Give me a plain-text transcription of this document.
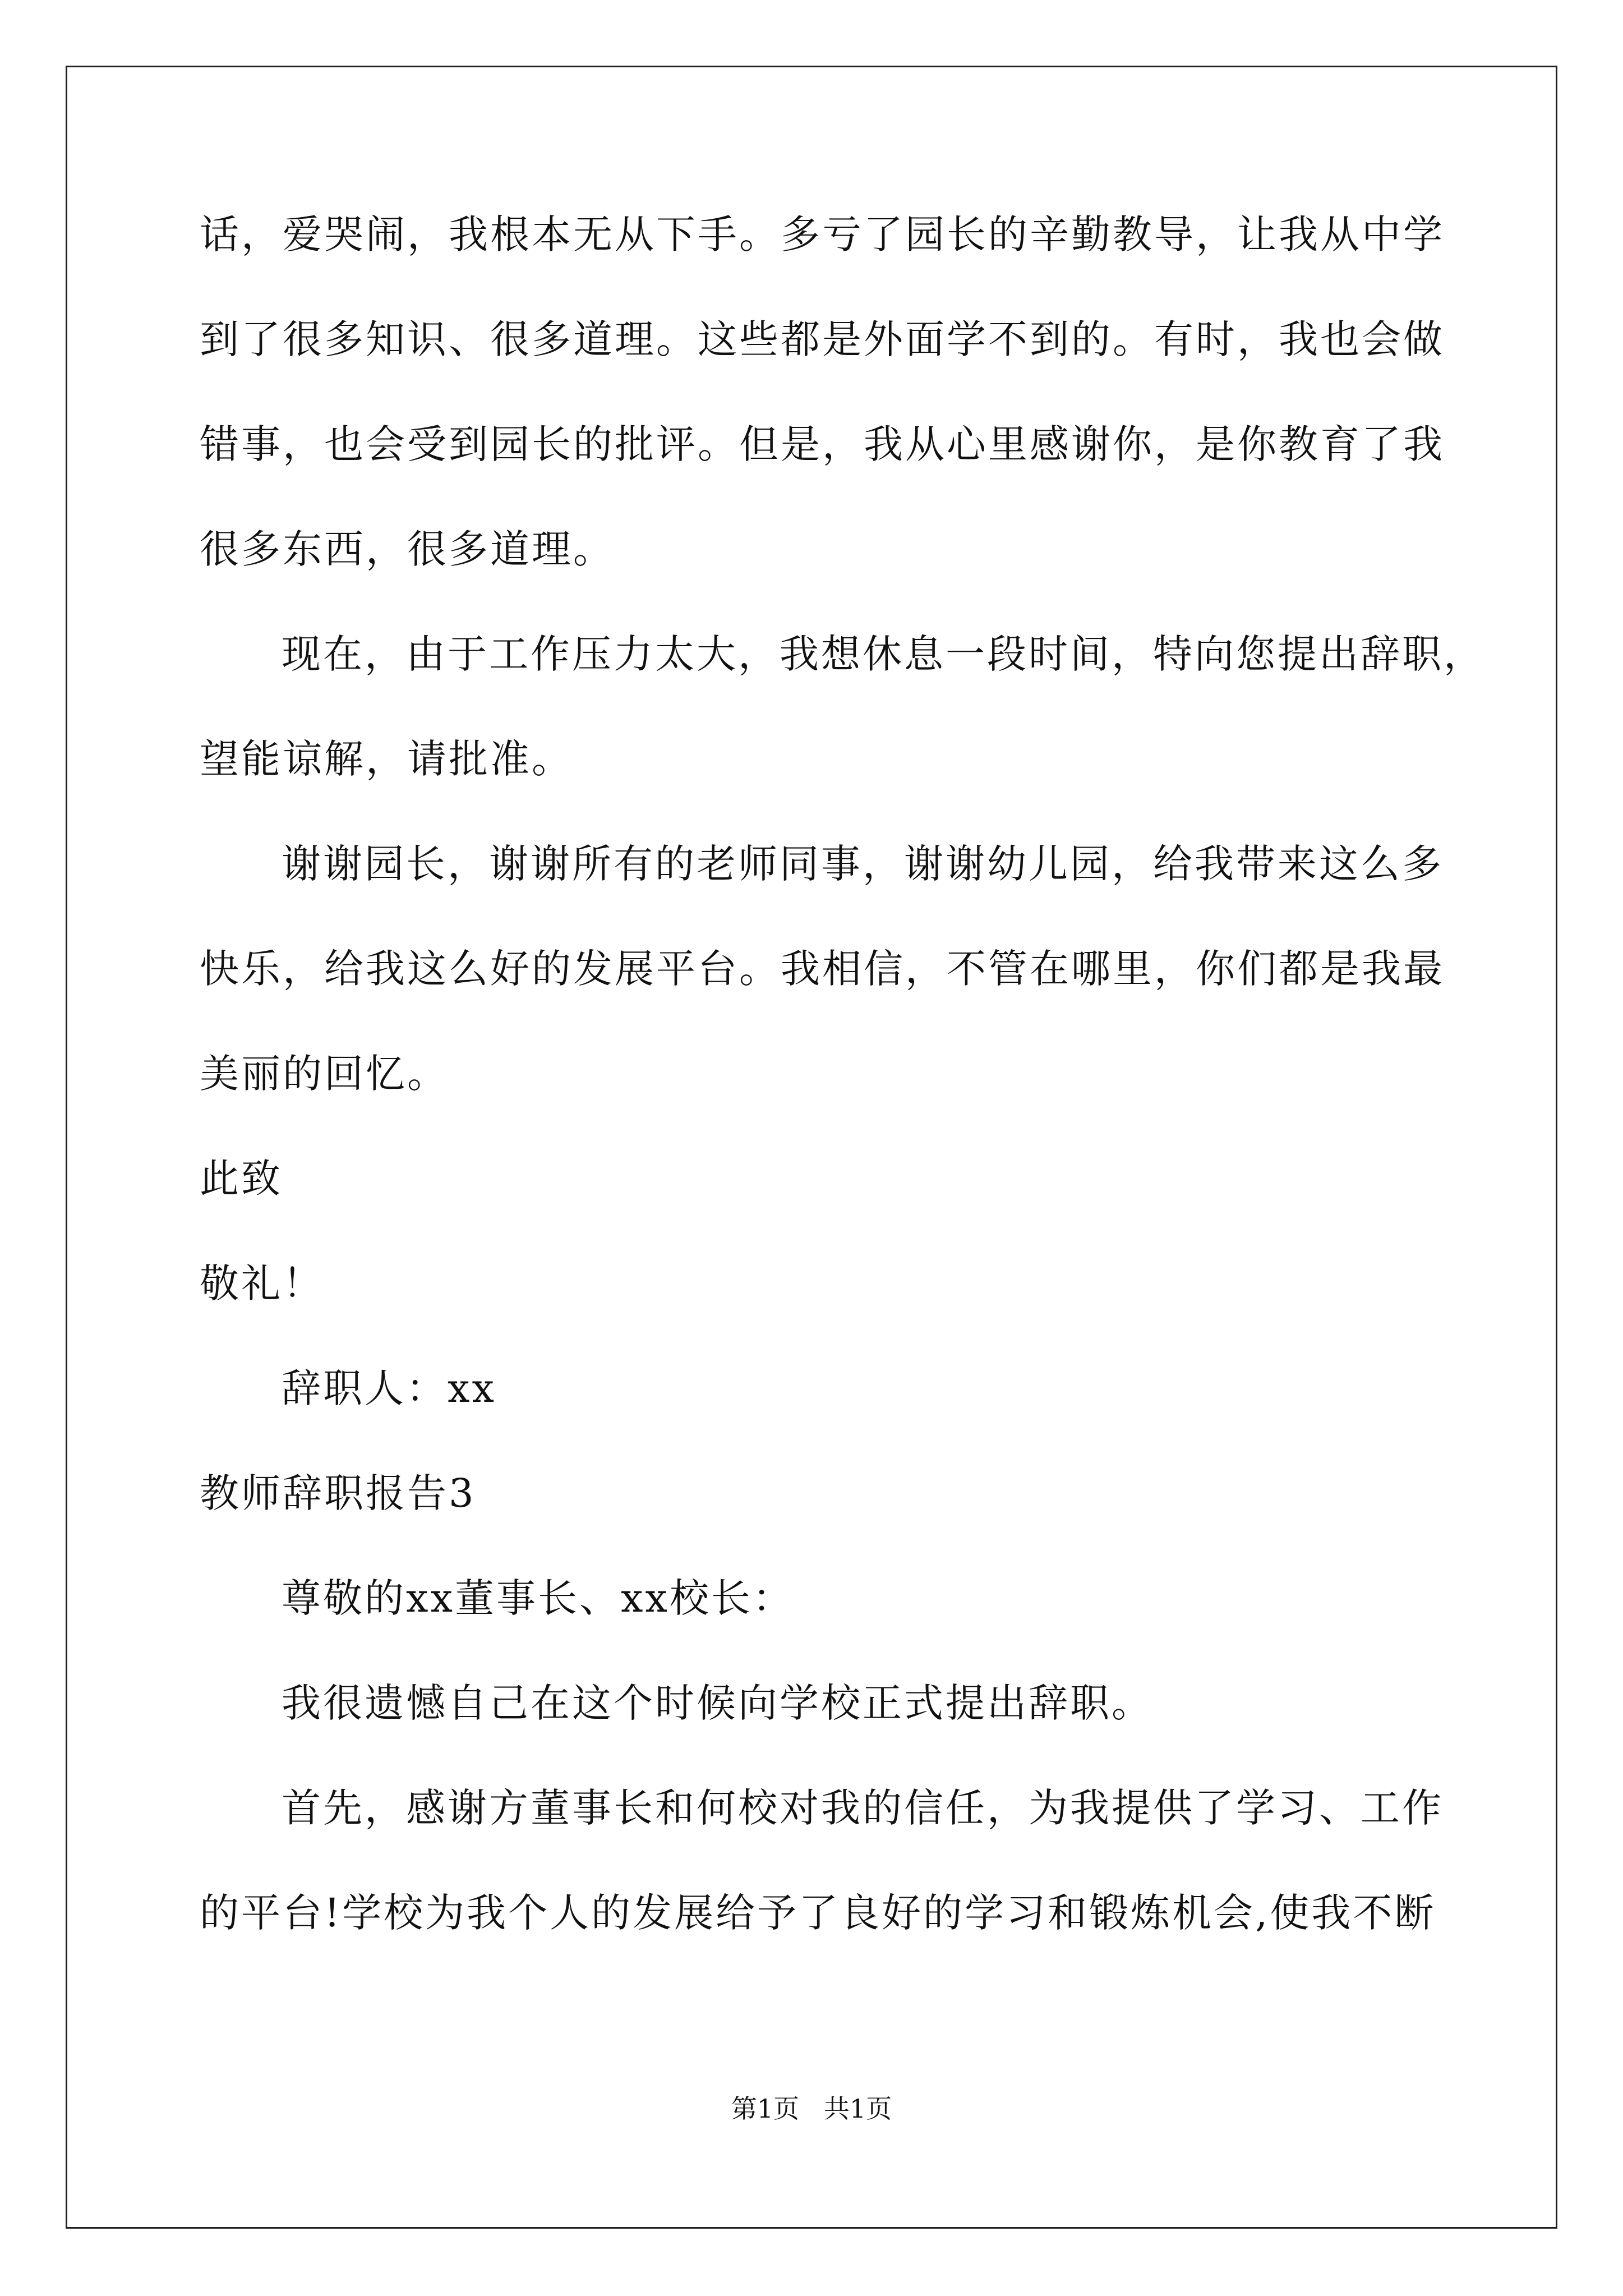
话，爱哭闹，我根本无从下手。多亏了园长的辛勤教导，让我从中学
到了很多知识、很多道理。这些都是外面学不到的。有时，我也会做
错事，也会受到园长的批评。但是，我从心里感谢你，是你教育了我
很多东西，很多道理。
现在，由于工作压力太大，我想休息一段时间，特向您提出辞职，
望能谅解，请批准。
谢谢园长，谢谢所有的老师同事，谢谢幼儿园，给我带来这么多
快乐，给我这么好的发展平台。我相信，不管在哪里，你们都是我最
美丽的回忆。
此致
敬礼！
辞职人：xx
教师辞职报告3
尊敬的xx董事长、xx校长：
我很遗憾自己在这个时候向学校正式提出辞职。
首先，感谢方董事长和何校对我的信任，为我提供了学习、工作
的平台!学校为我个人的发展给予了良好的学习和锻炼机会,使我不断
第1页   共1页
